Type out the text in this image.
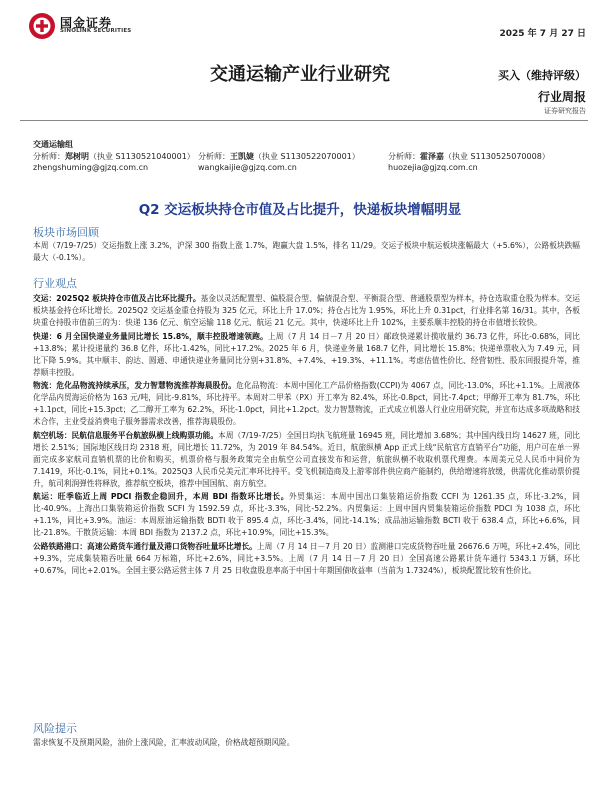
国金证券
SINOLINK SECURITIES	2025 年 7 月 27 日
交通运输产业行业研究	买入（维持评级）
行业周报
证券研究报告
交通运输组
分析师：郑树明（执业 S1130521040001） 分析师：王凯婕（执业 S1130522070001）	分析师：霍泽嘉（执业 S1130525070008）
zhengshuming@gjzq.com.cn	wangkaijie@gjzq.com.cn	huozejia@gjzq.com.cn
Q2 交运板块持仓市值及占比提升，快递板块增幅明显
板块市场回顾

本周（7/19-7/25）交运指数上涨 3.2%，沪深 300 指数上涨 1.7%，跑赢大盘 1.5%，排名 11/29。交运子板块中航运板块涨幅最大（+5.6%），公路板块跌幅最大（-0.1%）。

行业观点

交运：2025Q2 板块持仓市值及占比环比提升。基金以灵活配置型、偏股混合型、偏债混合型、平衡混合型、普通股票型为样本，持仓选取重仓股为样本。交运板块基金持仓环比增长。2025Q2 交运基金重仓持股为 325 亿元，环比上升 17.0%；持仓占比为 1.95%，环比上升 0.31pct，行业排名第 16/31。其中，各板块重仓持股市值前三的为：快递 136 亿元、航空运输 118 亿元、航运 21 亿元。其中，快递环比上升 102%，主要系顺丰控股的持仓市值增长较快。

快递：6 月全国快递业务量同比增长 15.8%，顺丰控股增速领跑。上周（7 月 14 日－7 月 20 日）邮政快递累计揽收量约 36.73 亿件，环比-0.68%，同比+13.8%；累计投递量约 36.8 亿件，环比-1.42%，同比+17.2%。2025 年 6 月，快递业务量 168.7 亿件，同比增长 15.8%；快递单票收入为 7.49 元，同比下降 5.9%。其中顺丰、韵达、圆通、申通快递业务量同比分别+31.8%、+7.4%、+19.3%、+11.1%。考虑估值性价比、经营韧性、股东回报提升等，推荐顺丰控股。

物流：危化品物流持续承压，发力智慧物流推荐海晨股份。危化品物流：本周中国化工产品价格指数(CCPI)为 4067 点，同比-13.0%，环比+1.1%。上周液体化学品内贸海运价格为 163 元/吨，同比-9.81%，环比持平。本周对二甲苯（PX）开工率为 82.4%，环比-0.8pct，同比-7.4pct；甲醇开工率为 81.7%，环比+1.1pct，同比+15.3pct；乙二醇开工率为 62.2%，环比-1.0pct，同比+1.2pct。发力智慧物流，正式成立机器人行业应用研究院，并宣布达成多项战略和技术合作，主业受益消费电子服务器需求改善，推荐海晨股份。

航空机场：民航信息服务平台航旅纵横上线购票功能。本周（7/19-7/25）全国日均执飞航班量 16945 班，同比增加 3.68%；其中国内线日均 14627 班，同比增长 2.51%；国际地区线日均 2318 班，同比增长 11.72%，为 2019 年 84.54%。近日，航旅纵横 App 正式上线“民航官方直销平台”功能，用户可在单一界面完成多家航司直销机票的比价和购买，机票价格与服务政策完全由航空公司直接发布和运营，航旅纵横不收取机票代理费。本周美元兑人民币中间价为 7.1419，环比-0.1%，同比+0.1%。2025Q3 人民币兑美元汇率环比持平。受飞机制造商及上游零部件供应商产能制约，供给增速将放缓，供需优化推动票价提升，航司利润弹性将释放，推荐航空板块，推荐中国国航、南方航空。

航运：旺季临近上周 PDCI 指数企稳回升，本周 BDI 指数环比增长。外贸集运：本周中国出口集装箱运价指数 CCFI 为 1261.35 点，环比-3.2%，同比-40.9%。上海出口集装箱运价指数 SCFI 为 1592.59 点，环比-3.3%，同比-52.2%。内贸集运：上周中国内贸集装箱运价指数 PDCI 为 1038 点，环比+1.1%，同比+3.9%。油运：本周原油运输指数 BDTI 收于 895.4 点，环比-3.4%，同比-14.1%；成品油运输指数 BCTI 收于 638.4 点，环比+6.6%，同比-21.8%。干散货运输：本周 BDI 指数为 2137.2 点，环比+10.9%，同比+15.3%。

公路铁路港口：高速公路货车通行量及港口货物吞吐量环比增长。上周（7 月 14 日－7 月 20 日）监测港口完成货物吞吐量 26676.6 万吨，环比+2.4%，同比+9.3%，完成集装箱吞吐量 664 万标箱，环比+2.6%，同比+3.5%。上周（7 月 14 日－7 月 20 日）全国高速公路累计货车通行 5343.1 万辆，环比+0.67%，同比+2.01%。全国主要公路运营主体 7 月 25 日收盘股息率高于中国十年期国债收益率（当前为 1.7324%），板块配置比较有性价比。

风险提示

需求恢复不及预期风险，油价上涨风险，汇率波动风险，价格战超预期风险。
